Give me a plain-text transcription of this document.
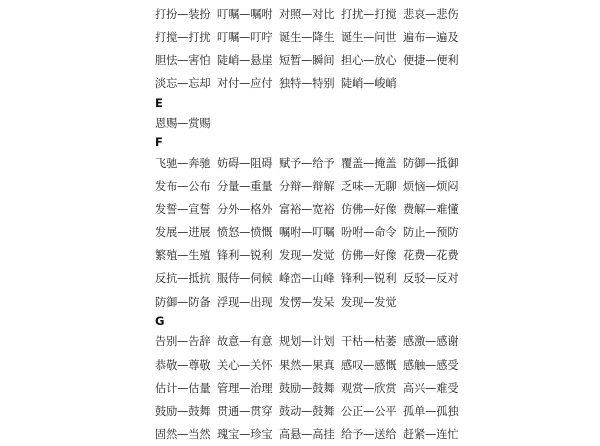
打扮—装扮 叮嘱—嘱咐 对照—对比 打扰—打搅 悲哀—悲伤
打搅—打扰 叮嘱—叮咛 诞生—降生 诞生—问世 遍布—遍及
胆怯—害怕 陡峭—悬崖 短暂—瞬间 担心—放心 便捷—便利
淡忘—忘却 对付—应付 独特—特别 陡峭—峻峭
E
恩赐—赏赐
F
飞驰—奔驰 妨碍—阻碍 赋予—给予 覆盖—掩盖 防御—抵御
发布—公布 分量—重量 分辩—辩解 乏味—无聊 烦恼—烦闷
发誓—宣誓 分外—格外 富裕—宽裕 仿佛—好像 费解—难懂
发展—进展 愤怒—愤慨 嘱咐—叮嘱 吩咐—命令 防止—预防
繁殖—生殖 锋利—锐利 发现—发觉 仿佛—好像 花费—花费
反抗—抵抗 服侍—伺候 峰峦—山峰 锋利—锐利 反驳—反对
防御—防备 浮现—出现 发愣—发呆 发现—发觉
G
告别—告辞 故意—有意 规划—计划 干枯—枯萎 感激—感谢
恭敬—尊敬 关心—关怀 果然—果真 感叹—感慨 感触—感受
估计—估量 管理—治理 鼓励—鼓舞 观赏—欣赏 高兴—难受
鼓励—鼓舞 贯通—贯穿 鼓动—鼓舞 公正—公平 孤单—孤独
固然—当然 瑰宝—珍宝 高悬—高挂 给予—送给 赶紧—连忙
